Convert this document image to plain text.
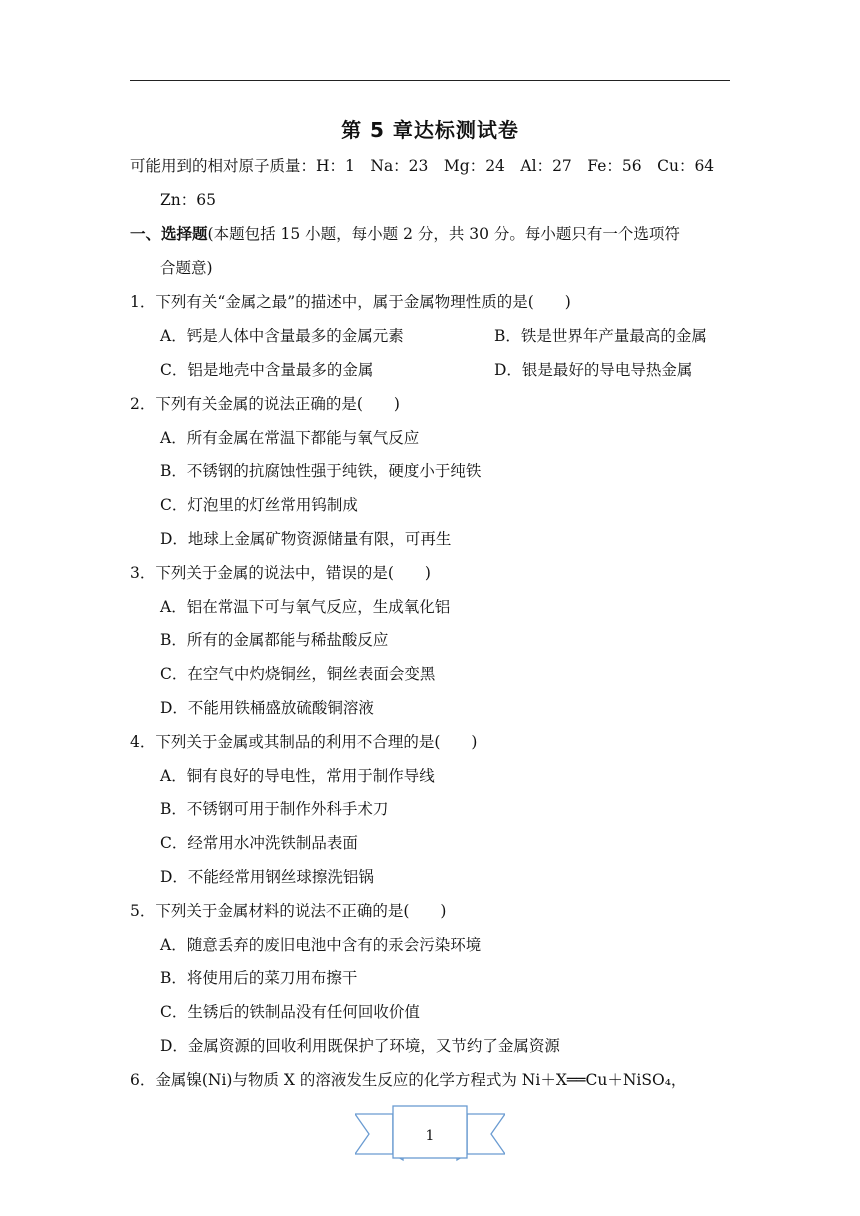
第 5 章达标测试卷
可能用到的相对原子质量：H：1　Na：23　Mg：24　Al：27　Fe：56　Cu：64
Zn：65
一、选择题(本题包括 15 小题，每小题 2 分，共 30 分。每小题只有一个选项符
合题意)
1．下列有关“金属之最”的描述中，属于金属物理性质的是(　　)
A．钙是人体中含量最多的金属元素	B．铁是世界年产量最高的金属
C．铝是地壳中含量最多的金属	D．银是最好的导电导热金属
2．下列有关金属的说法正确的是(　　)
A．所有金属在常温下都能与氧气反应
B．不锈钢的抗腐蚀性强于纯铁，硬度小于纯铁
C．灯泡里的灯丝常用钨制成
D．地球上金属矿物资源储量有限，可再生
3．下列关于金属的说法中，错误的是(　　)
A．铝在常温下可与氧气反应，生成氧化铝
B．所有的金属都能与稀盐酸反应
C．在空气中灼烧铜丝，铜丝表面会变黑
D．不能用铁桶盛放硫酸铜溶液
4．下列关于金属或其制品的利用不合理的是(　　)
A．铜有良好的导电性，常用于制作导线
B．不锈钢可用于制作外科手术刀
C．经常用水冲洗铁制品表面
D．不能经常用钢丝球擦洗铝锅
5．下列关于金属材料的说法不正确的是(　　)
A．随意丢弃的废旧电池中含有的汞会污染环境
B．将使用后的菜刀用布擦干
C．生锈后的铁制品没有任何回收价值
D．金属资源的回收利用既保护了环境，又节约了金属资源
6．金属镍(Ni)与物质 X 的溶液发生反应的化学方程式为 Ni＋X══Cu＋NiSO₄，
1
